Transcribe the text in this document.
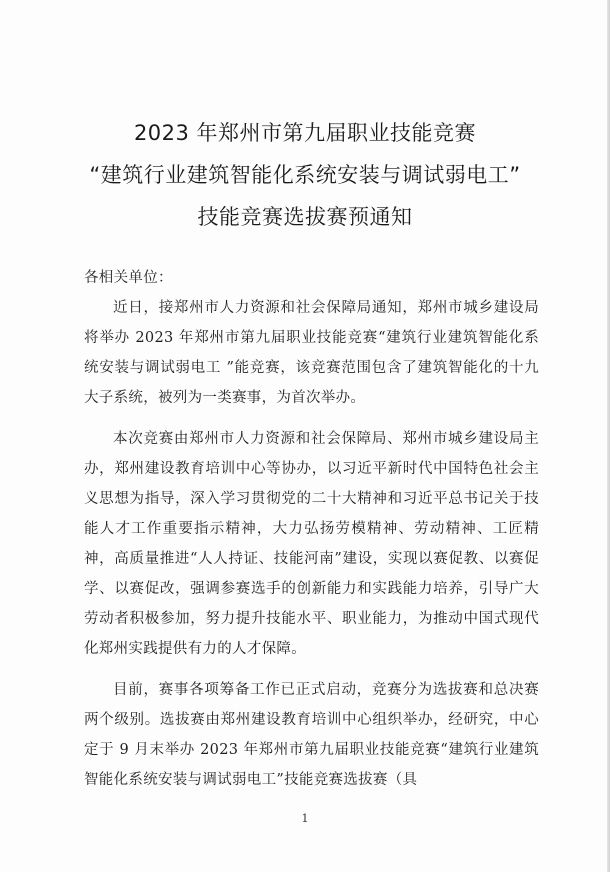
2023 年郑州市第九届职业技能竞赛
“建筑行业建筑智能化系统安装与调试弱电工”
技能竞赛选拔赛预通知

各相关单位：

近日，接郑州市人力资源和社会保障局通知，郑州市城乡建设局将举办 2023 年郑州市第九届职业技能竞赛“建筑行业建筑智能化系统安装与调试弱电工 ”能竞赛，该竞赛范围包含了建筑智能化的十九大子系统，被列为一类赛事，为首次举办。

本次竞赛由郑州市人力资源和社会保障局、郑州市城乡建设局主办，郑州建设教育培训中心等协办，以习近平新时代中国特色社会主义思想为指导，深入学习贯彻党的二十大精神和习近平总书记关于技能人才工作重要指示精神，大力弘扬劳模精神、劳动精神、工匠精神，高质量推进“人人持证、技能河南”建设，实现以赛促教、以赛促学、以赛促改，强调参赛选手的创新能力和实践能力培养，引导广大劳动者积极参加，努力提升技能水平、职业能力，为推动中国式现代化郑州实践提供有力的人才保障。

目前，赛事各项筹备工作已正式启动，竞赛分为选拔赛和总决赛两个级别。选拔赛由郑州建设教育培训中心组织举办，经研究，中心定于 9 月末举办 2023 年郑州市第九届职业技能竞赛“建筑行业建筑智能化系统安装与调试弱电工”技能竞赛选拔赛（具

1
